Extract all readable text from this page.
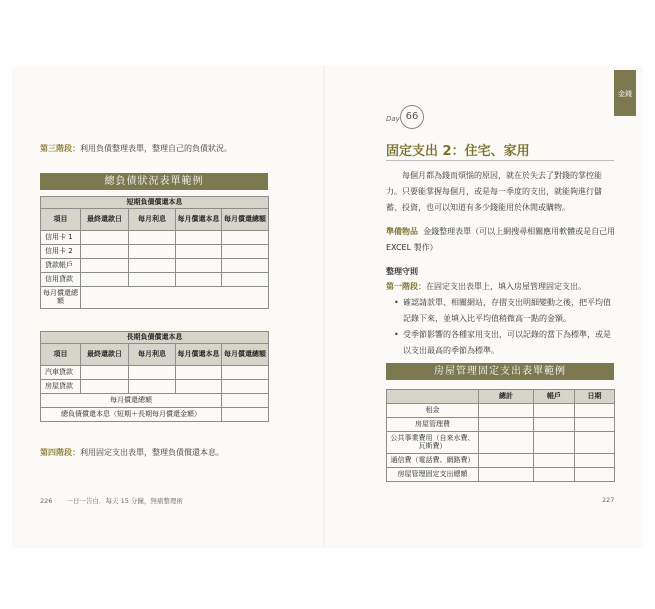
第三階段：利用負債整理表單，整理自己的負債狀況。
總負債狀況表單範例
短期負債償還本息				
項目	最終還款日	每月利息	每月償還本息	每月償還總額
信用卡 1				
信用卡 2				
貸款帳戶				
信用貸款				
每月償還總額				
長期負債償還本息				
項目	最終還款日	每月利息	每月償還本息	每月償還總額
汽車貸款				
房屋貸款				
每月償還總額				
總負債償還本息（短期＋長期每月償還金額）				
第四階段：利用固定支出表單，整理負債償還本息。
226 一日一告白．每天 15 分鐘，無痛整理術
金錢
Day 66
固定支出 2：住宅、家用
每個月都為錢而煩惱的原因，就在於失去了對錢的掌控能力。只要能掌握每個月，或是每一季度的支出，就能夠進行儲蓄、投資，也可以知道有多少錢能用於休閒或購物。
準備物品 金錢整理表單（可以上網搜尋相關應用軟體或是自己用 EXCEL 製作）
整理守則
第一階段：在固定支出表單上，填入房屋管理固定支出。
• 確認請款單、相關網站，存摺支出明細變動之後，把平均值記錄下來，並填入比平均值稍微高一點的金額。
• 受季節影響的各種家用支出，可以記錄的當下為標準，或是以支出最高的季節為標準。
房屋管理固定支出表單範例
	總計	帳戶	日期
租金			
房屋管理費			
公共事業費用（自來水費、瓦斯費）			
通信費（電話費、網路費）			
房屋管理固定支出總額			
227
